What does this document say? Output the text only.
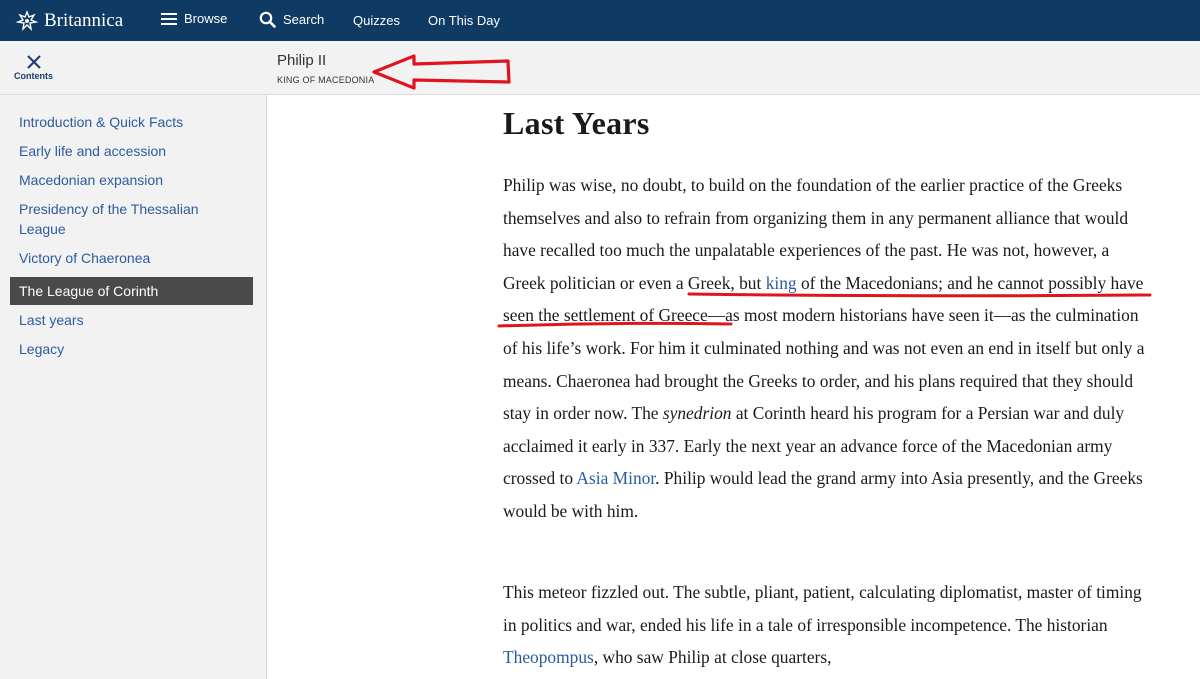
Britannica	Browse	Search Quizzes On This Day
Contents
Philip II
KING OF MACEDONIA
Introduction & Quick Facts
Early life and accession
Macedonian expansion
Presidency of the Thessalian League
Victory of Chaeronea
The League of Corinth
Last years
Legacy
Last Years

Philip was wise, no doubt, to build on the foundation of the earlier practice of the Greeks themselves and also to refrain from organizing them in any permanent alliance that would have recalled too much the unpalatable experiences of the past. He was not, however, a Greek politician or even a Greek, but king of the Macedonians; and he cannot possibly have seen the settlement of Greece—as most modern historians have seen it—as the culmination of his life’s work. For him it culminated nothing and was not even an end in itself but only a means. Chaeronea had brought the Greeks to order, and his plans required that they should stay in order now. The synedrion at Corinth heard his program for a Persian war and duly acclaimed it early in 337. Early the next year an advance force of the Macedonian army crossed to Asia Minor. Philip would lead the grand army into Asia presently, and the Greeks would be with him.

This meteor fizzled out. The subtle, pliant, patient, calculating diplomatist, master of timing in politics and war, ended his life in a tale of irresponsible incompetence. The historian Theopompus, who saw Philip at close quarters,
